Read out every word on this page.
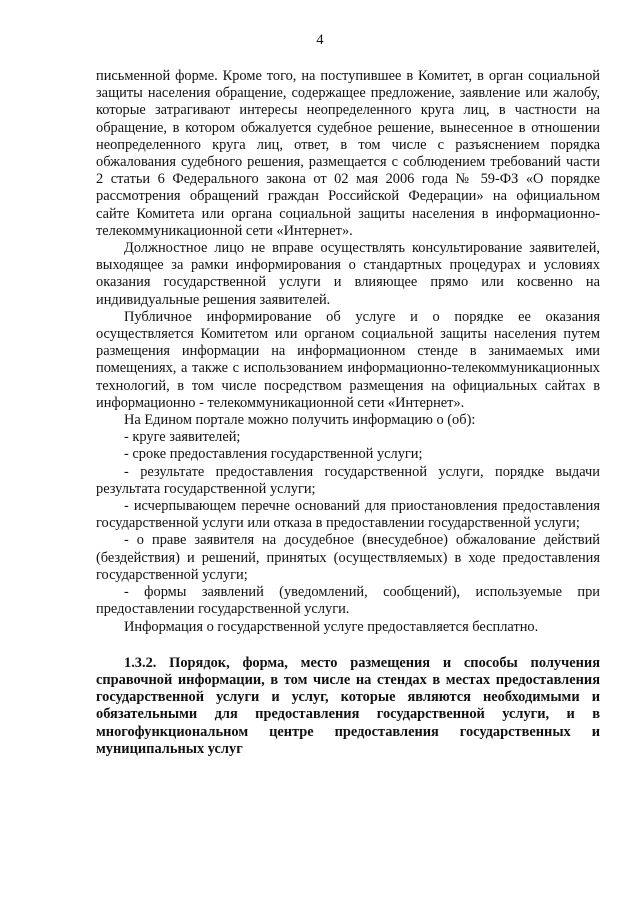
4

письменной форме. Кроме того, на поступившее в Комитет, в орган социальной защиты населения обращение, содержащее предложение, заявление или жалобу, которые затрагивают интересы неопределенного круга лиц, в частности на обращение, в котором обжалуется судебное решение, вынесенное в отношении неопределенного круга лиц, ответ, в том числе с разъяснением порядка обжалования судебного решения, размещается с соблюдением требований части 2 статьи 6 Федерального закона от 02 мая 2006 года № 59-ФЗ «О порядке рассмотрения обращений граждан Российской Федерации» на официальном сайте Комитета или органа социальной защиты населения в информационно-телекоммуникационной сети «Интернет».

Должностное лицо не вправе осуществлять консультирование заявителей, выходящее за рамки информирования о стандартных процедурах и условиях оказания государственной услуги и влияющее прямо или косвенно на индивидуальные решения заявителей.

Публичное информирование об услуге и о порядке ее оказания осуществляется Комитетом или органом социальной защиты населения путем размещения информации на информационном стенде в занимаемых ими помещениях, а также с использованием информационно-телекоммуникационных технологий, в том числе посредством размещения на официальных сайтах в информационно - телекоммуникационной сети «Интернет».

На Едином портале можно получить информацию о (об):

- круге заявителей;

- сроке предоставления государственной услуги;

- результате предоставления государственной услуги, порядке выдачи результата государственной услуги;

- исчерпывающем перечне оснований для приостановления предоставления государственной услуги или отказа в предоставлении государственной услуги;

- о праве заявителя на досудебное (внесудебное) обжалование действий (бездействия) и решений, принятых (осуществляемых) в ходе предоставления государственной услуги;

- формы заявлений (уведомлений, сообщений), используемые при предоставлении государственной услуги.

Информация о государственной услуге предоставляется бесплатно.

1.3.2. Порядок, форма, место размещения и способы получения справочной информации, в том числе на стендах в местах предоставления государственной услуги и услуг, которые являются необходимыми и обязательными для предоставления государственной услуги, и в многофункциональном центре предоставления государственных и муниципальных услуг
